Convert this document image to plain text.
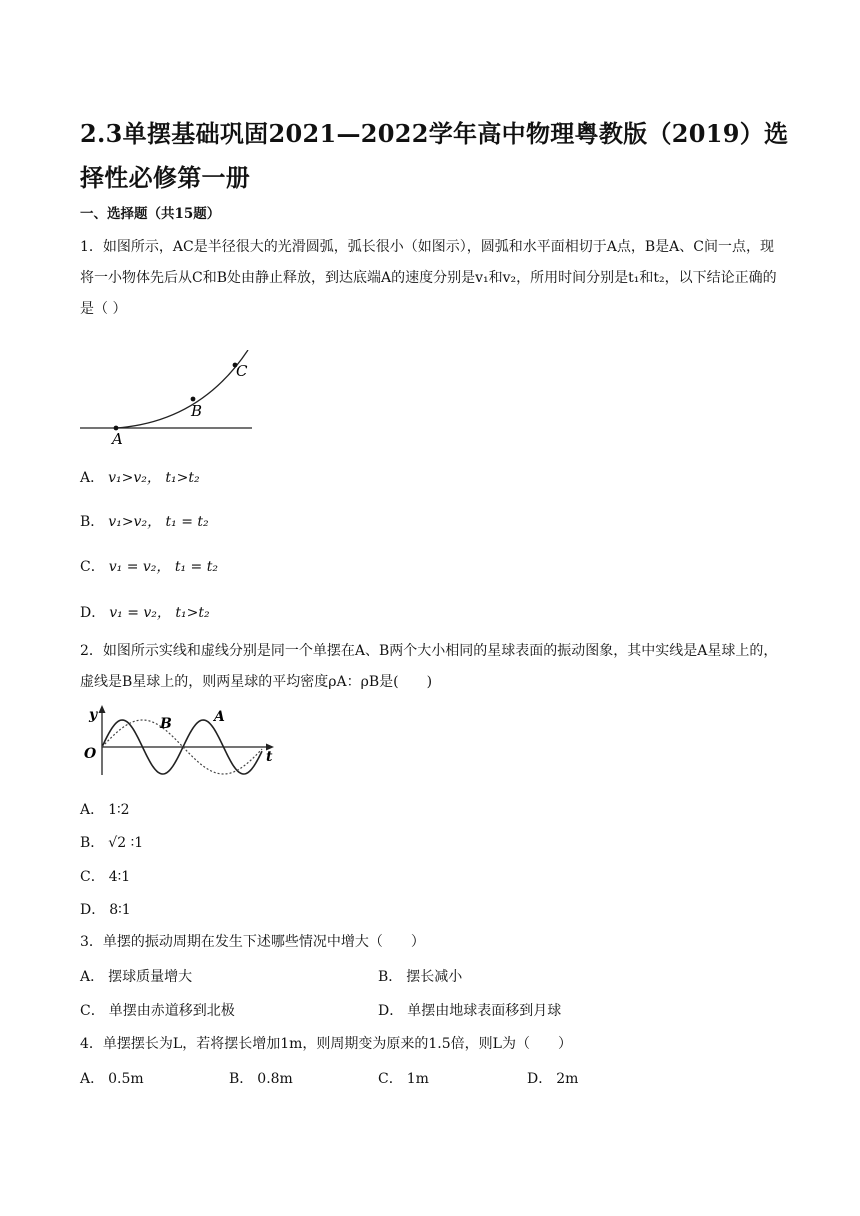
2.3单摆基础巩固2021—2022学年高中物理粤教版（2019）选择性必修第一册
一、选择题（共15题）
1．如图所示，AC是半径很大的光滑圆弧，弧长很小（如图示），圆弧和水平面相切于A点，B是A、C间一点，现将一小物体先后从C和B处由静止释放，到达底端A的速度分别是v₁和v₂，所用时间分别是t₁和t₂，以下结论正确的是（ ）
A
B
C
A． v₁>v₂， t₁>t₂
B． v₁>v₂， t₁ = t₂
C． v₁ = v₂， t₁ = t₂
D． v₁ = v₂， t₁>t₂
2．如图所示实线和虚线分别是同一个单摆在A、B两个大小相同的星球表面的振动图象，其中实线是A星球上的，虚线是B星球上的，则两星球的平均密度ρA：ρB是(　　)
y
O	t
B	A
A． 1∶2
B． √2 ∶1
C． 4∶1
D． 8∶1
3．单摆的振动周期在发生下述哪些情况中增大（　　）
A． 摆球质量增大	B． 摆长减小
C． 单摆由赤道移到北极	D． 单摆由地球表面移到月球
4．单摆摆长为L，若将摆长增加1m，则周期变为原来的1.5倍，则L为（　　）
A． 0.5m	B． 0.8m	C． 1m	D． 2m
